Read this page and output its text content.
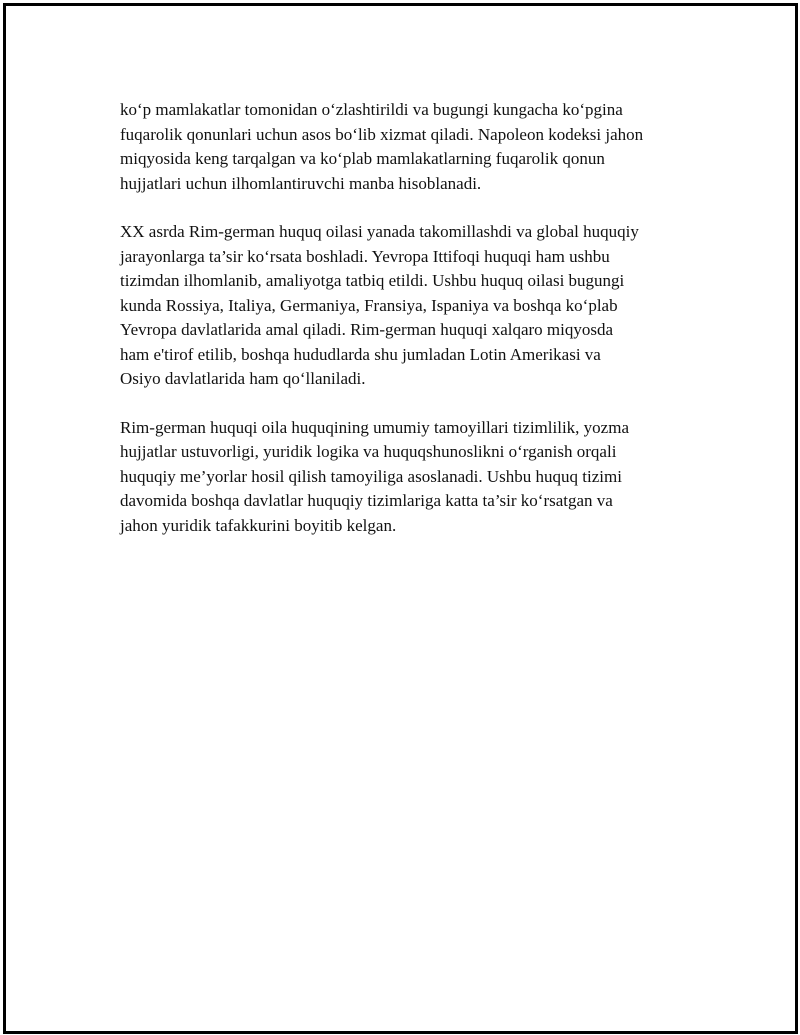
ko‘p mamlakatlar tomonidan o‘zlashtirildi va bugungi kungacha ko‘pgina
fuqarolik qonunlari uchun asos bo‘lib xizmat qiladi. Napoleon kodeksi jahon
miqyosida keng tarqalgan va ko‘plab mamlakatlarning fuqarolik qonun
hujjatlari uchun ilhomlantiruvchi manba hisoblanadi.

XX asrda Rim-german huquq oilasi yanada takomillashdi va global huquqiy
jarayonlarga ta’sir ko‘rsata boshladi. Yevropa Ittifoqi huquqi ham ushbu
tizimdan ilhomlanib, amaliyotga tatbiq etildi. Ushbu huquq oilasi bugungi
kunda Rossiya, Italiya, Germaniya, Fransiya, Ispaniya va boshqa ko‘plab
Yevropa davlatlarida amal qiladi. Rim-german huquqi xalqaro miqyosda
ham e'tirof etilib, boshqa hududlarda shu jumladan Lotin Amerikasi va
Osiyo davlatlarida ham qo‘llaniladi.

Rim-german huquqi oila huquqining umumiy tamoyillari tizimlilik, yozma
hujjatlar ustuvorligi, yuridik logika va huquqshunoslikni o‘rganish orqali
huquqiy me’yorlar hosil qilish tamoyiliga asoslanadi. Ushbu huquq tizimi
davomida boshqa davlatlar huquqiy tizimlariga katta ta’sir ko‘rsatgan va
jahon yuridik tafakkurini boyitib kelgan.
